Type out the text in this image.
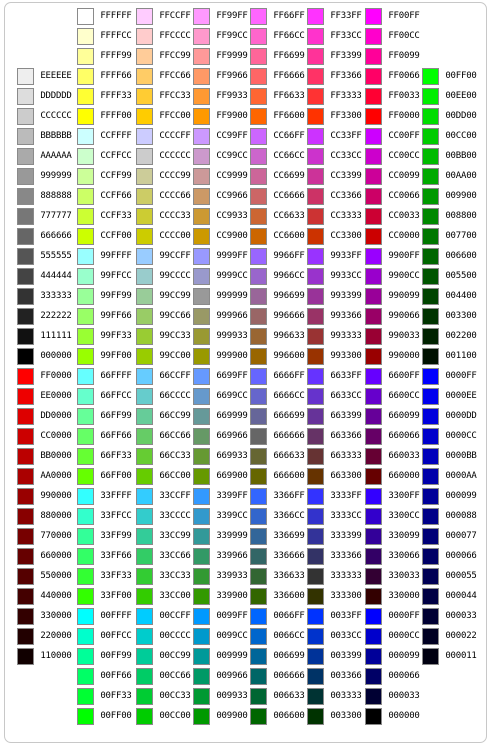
EEEEEE
DDDDDD
CCCCCC
BBBBBB
AAAAAA
999999
888888
777777
666666
555555
444444
333333
222222
111111
000000
FF0000
EE0000
DD0000
CC0000
BB0000
AA0000
990000
880000
770000
660000
550000
440000
330000
220000
110000
FFFFFF
FFFFCC
FFFF99
FFFF66
FFFF33
FFFF00
CCFFFF
CCFFCC
CCFF99
CCFF66
CCFF33
CCFF00
99FFFF
99FFCC
99FF99
99FF66
99FF33
99FF00
66FFFF
66FFCC
66FF99
66FF66
66FF33
66FF00
33FFFF
33FFCC
33FF99
33FF66
33FF33
33FF00
00FFFF
00FFCC
00FF99
00FF66
00FF33
00FF00
FFCCFF
FFCCCC
FFCC99
FFCC66
FFCC33
FFCC00
CCCCFF
CCCCCC
CCCC99
CCCC66
CCCC33
CCCC00
99CCFF
99CCCC
99CC99
99CC66
99CC33
99CC00
66CCFF
66CCCC
66CC99
66CC66
66CC33
66CC00
33CCFF
33CCCC
33CC99
33CC66
33CC33
33CC00
00CCFF
00CCCC
00CC99
00CC66
00CC33
00CC00
FF99FF
FF99CC
FF9999
FF9966
FF9933
FF9900
CC99FF
CC99CC
CC9999
CC9966
CC9933
CC9900
9999FF
9999CC
999999
999966
999933
999900
6699FF
6699CC
669999
669966
669933
669900
3399FF
3399CC
339999
339966
339933
339900
0099FF
0099CC
009999
009966
009933
009900
FF66FF
FF66CC
FF6699
FF6666
FF6633
FF6600
CC66FF
CC66CC
CC6699
CC6666
CC6633
CC6600
9966FF
9966CC
996699
996666
996633
996600
6666FF
6666CC
666699
666666
666633
666600
3366FF
3366CC
336699
336666
336633
336600
0066FF
0066CC
006699
006666
006633
006600
FF33FF
FF33CC
FF3399
FF3366
FF3333
FF3300
CC33FF
CC33CC
CC3399
CC3366
CC3333
CC3300
9933FF
9933CC
993399
993366
993333
993300
6633FF
6633CC
663399
663366
663333
663300
3333FF
3333CC
333399
333366
333333
333300
0033FF
0033CC
003399
003366
003333
003300
FF00FF
FF00CC
FF0099
FF0066
FF0033
FF0000
CC00FF
CC00CC
CC0099
CC0066
CC0033
CC0000
9900FF
9900CC
990099
990066
990033
990000
6600FF
6600CC
660099
660066
660033
660000
3300FF
3300CC
330099
330066
330033
330000
0000FF
0000CC
000099
000066
000033
000000
00FF00
00EE00
00DD00
00CC00
00BB00
00AA00
009900
008800
007700
006600
005500
004400
003300
002200
001100
0000FF
0000EE
0000DD
0000CC
0000BB
0000AA
000099
000088
000077
000066
000055
000044
000033
000022
000011
